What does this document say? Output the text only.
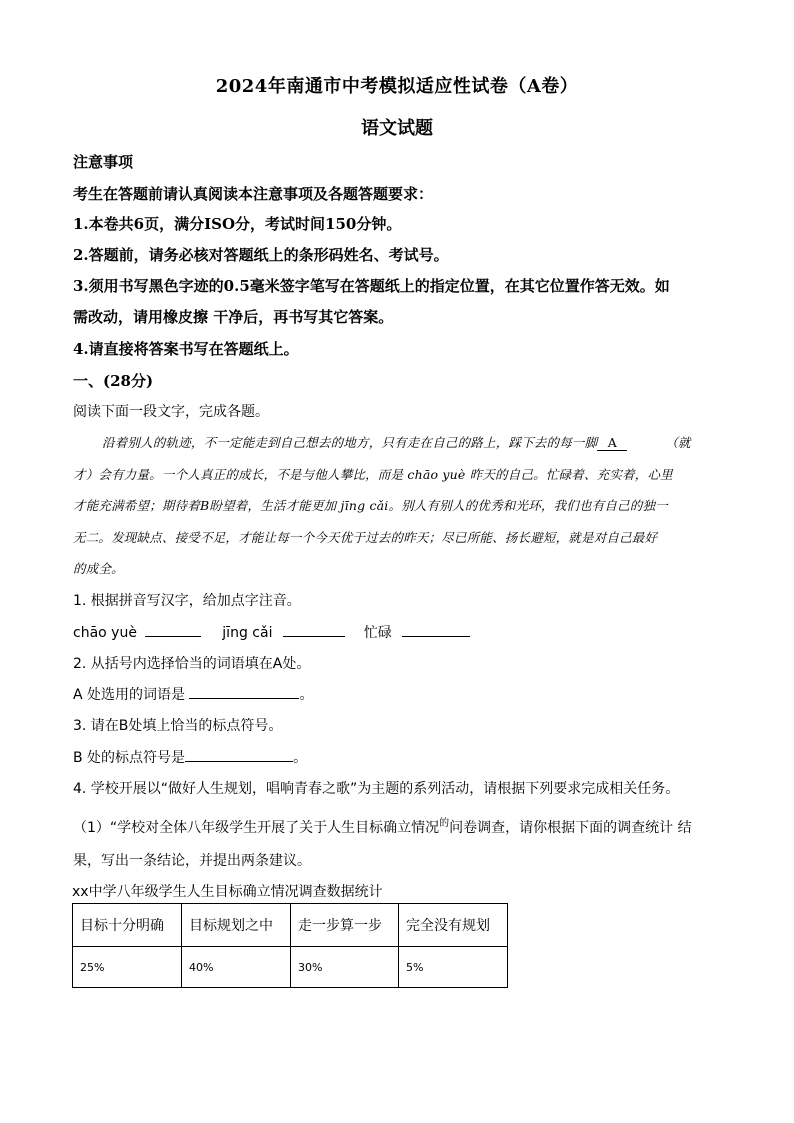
2024年南通市中考模拟适应性试卷（A卷）
语文试题
注意事项
考生在答题前请认真阅读本注意事项及各题答题要求：
1.本卷共6页，满分ISO分，考试时间150分钟。
2.答题前，请务必核对答题纸上的条形码姓名、考试号。
3.须用书写黑色字迹的0.5毫米签字笔写在答题纸上的指定位置，在其它位置作答无效。如
需改动，请用橡皮擦 干净后，再书写其它答案。
4.请直接将答案书写在答题纸上。
一、(28分)
阅读下面一段文字，完成各题。
沿着别人的轨迹，不一定能走到自己想去的地方，只有走在自己的路上，踩下去的每一脚 A	（就
才）会有力量。一个人真正的成长，不是与他人攀比，而是 chāo yuè 昨天的自己。忙碌着、充实着，心里
才能充满希望；期待着B盼望着，生活才能更加 jīng cǎi。别人有别人的优秀和光环，我们也有自己的独一
无二。发现缺点、接受不足，才能让每一个今天优于过去的昨天；尽已所能、扬长避短，就是对自己最好
的成全。
1. 根据拼音写汉字，给加点字注音。
chāo yuè	jīng cǎi	忙碌
2. 从括号内选择恰当的词语填在A处。
A 处选用的词语是	。
3. 请在B处填上恰当的标点符号。
B 处的标点符号是	。
4. 学校开展以“做好人生规划，唱响青春之歌”为主题的系列活动，请根据下列要求完成相关任务。
（1）“学校对全体八年级学生开展了关于人生目标确立情况$^的$问卷调查，请你根据下面的调查统计 结
果，写出一条结论，并提出两条建议。
xx中学八年级学生人生目标确立情况调查数据统计
目标十分明确	目标规划之中	走一步算一步	完全没有规划
25%	40%	30%	5%
